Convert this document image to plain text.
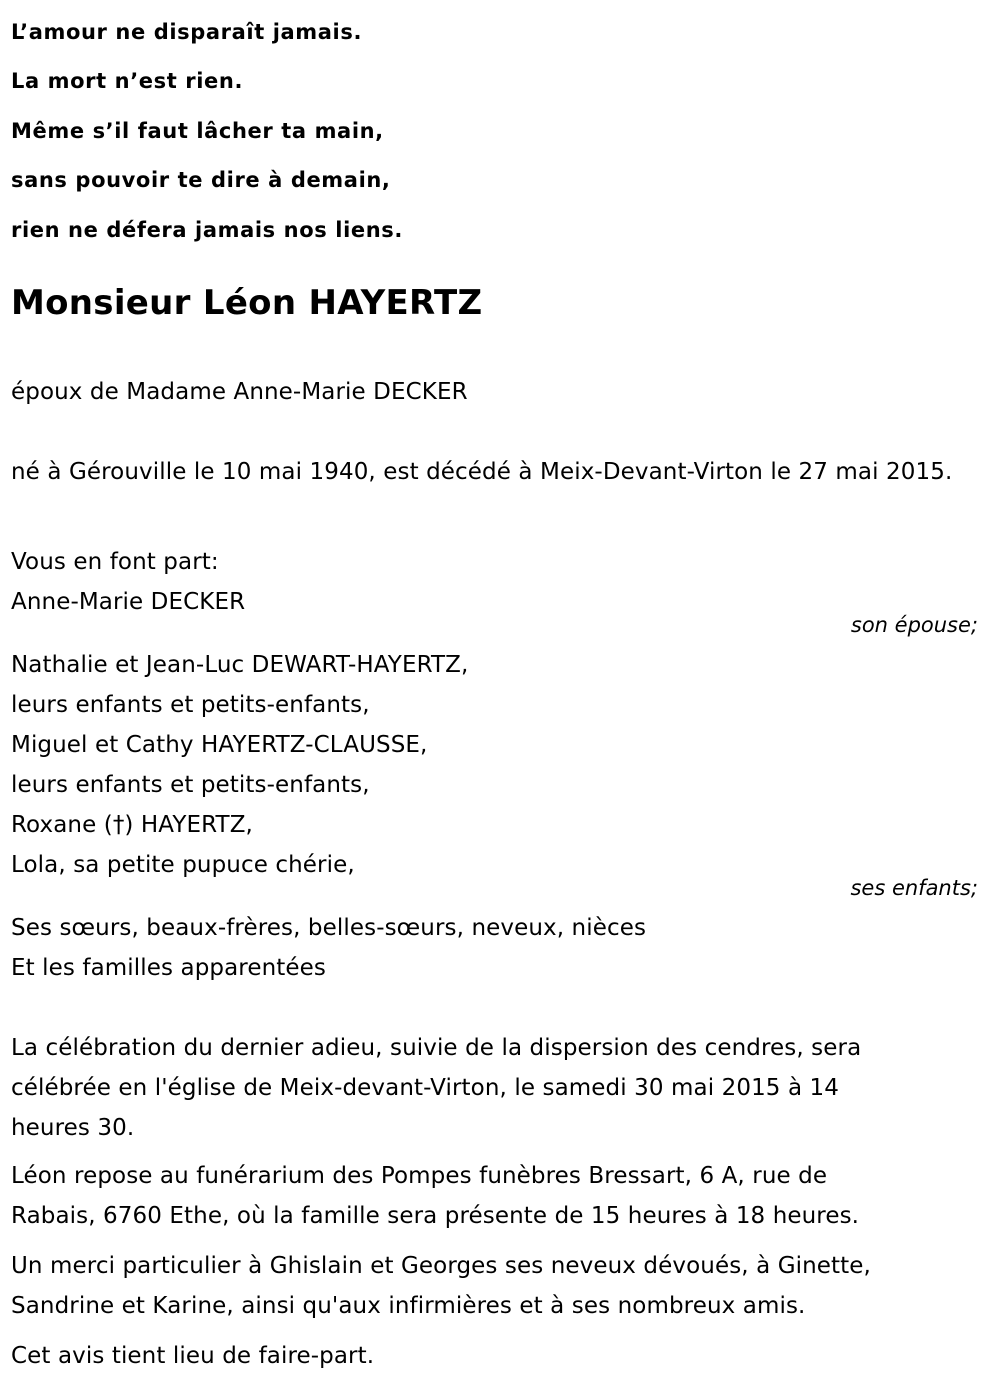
L’amour ne disparaît jamais.
La mort n’est rien.
Même s’il faut lâcher ta main,
sans pouvoir te dire à demain,
rien ne défera jamais nos liens.
Monsieur Léon HAYERTZ
époux de Madame Anne-Marie DECKER
né à Gérouville le 10 mai 1940, est décédé à Meix-Devant-Virton le 27 mai 2015.
Vous en font part:
Anne-Marie DECKER
son épouse;
Nathalie et Jean-Luc DEWART-HAYERTZ,
leurs enfants et petits-enfants,
Miguel et Cathy HAYERTZ-CLAUSSE,
leurs enfants et petits-enfants,
Roxane (†) HAYERTZ,
Lola, sa petite pupuce chérie,
ses enfants;
Ses sœurs, beaux-frères, belles-sœurs, neveux, nièces
Et les familles apparentées
La célébration du dernier adieu, suivie de la dispersion des cendres, sera
célébrée en l'église de Meix-devant-Virton, le samedi 30 mai 2015 à 14
heures 30.
Léon repose au funérarium des Pompes funèbres Bressart, 6 A, rue de
Rabais, 6760 Ethe, où la famille sera présente de 15 heures à 18 heures.
Un merci particulier à Ghislain et Georges ses neveux dévoués, à Ginette,
Sandrine et Karine, ainsi qu'aux infirmières et à ses nombreux amis.
Cet avis tient lieu de faire-part.
